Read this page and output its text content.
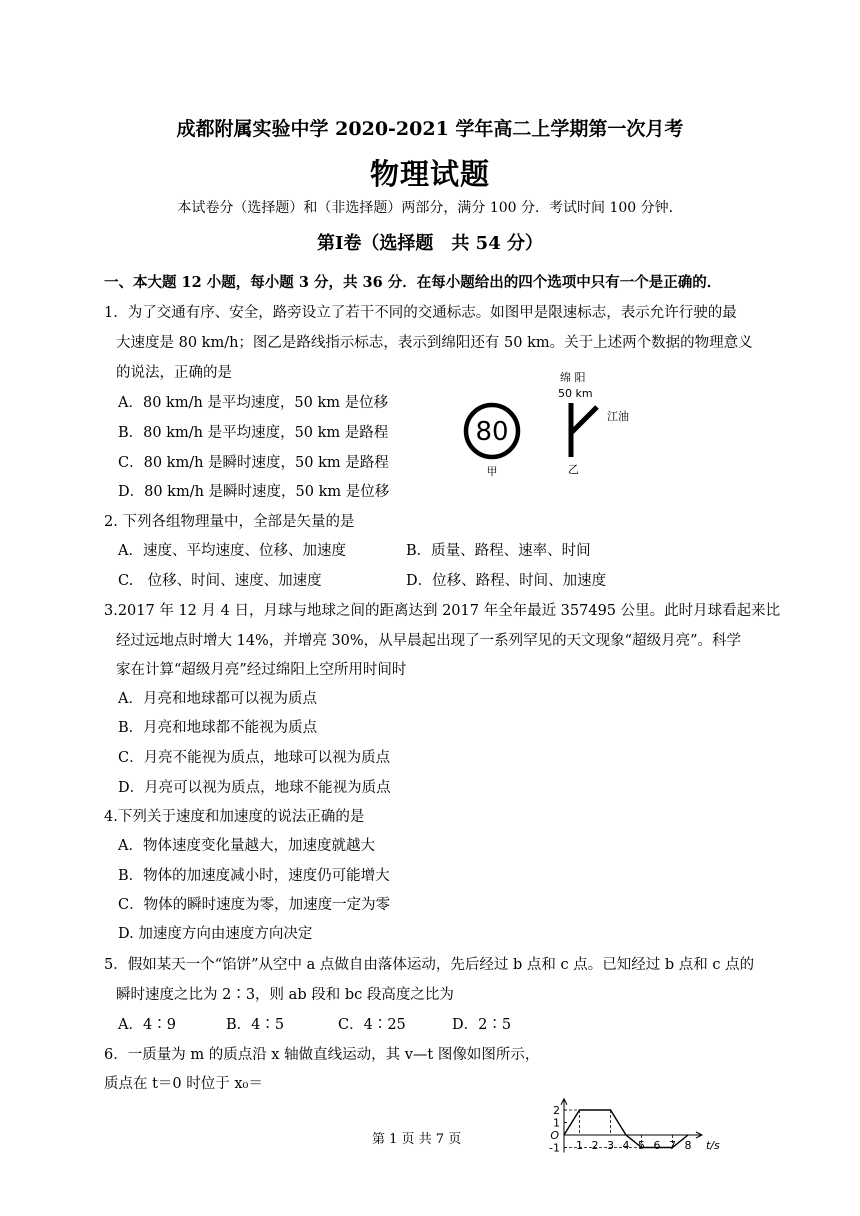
成都附属实验中学 2020-2021 学年高二上学期第一次月考
物理试题
本试卷分（选择题）和（非选择题）两部分，满分 100 分．考试时间 100 分钟．
第Ⅰ卷（选择题　共 54 分）
一、本大题 12 小题，每小题 3 分，共 36 分．在每小题给出的四个选项中只有一个是正确的．
1．为了交通有序、安全，路旁设立了若干不同的交通标志。如图甲是限速标志，表示允许行驶的最
大速度是 80 km/h；图乙是路线指示标志，表示到绵阳还有 50 km。关于上述两个数据的物理意义
的说法，正确的是
A．80 km/h 是平均速度，50 km 是位移
B．80 km/h 是平均速度，50 km 是路程
C．80 km/h 是瞬时速度，50 km 是路程
D．80 km/h 是瞬时速度，50 km 是位移
80
甲
绵 阳
50 km
江油
乙
2. 下列各组物理量中，全部是矢量的是
A．速度、平均速度、位移、加速度	B．质量、路程、速率、时间
C.　位移、时间、速度、加速度	D．位移、路程、时间、加速度
3.2017 年 12 月 4 日，月球与地球之间的距离达到 2017 年全年最近 357495 公里。此时月球看起来比
经过远地点时增大 14%，并增亮 30%，从早晨起出现了一系列罕见的天文现象“超级月亮”。科学
家在计算“超级月亮”经过绵阳上空所用时间时
A．月亮和地球都可以视为质点
B．月亮和地球都不能视为质点
C．月亮不能视为质点，地球可以视为质点
D．月亮可以视为质点，地球不能视为质点
4.下列关于速度和加速度的说法正确的是
A．物体速度变化量越大，加速度就越大
B．物体的加速度减小时，速度仍可能增大
C．物体的瞬时速度为零，加速度一定为零
D. 加速度方向由速度方向决定
5．假如某天一个“馅饼”从空中 a 点做自由落体运动，先后经过 b 点和 c 点。已知经过 b 点和 c 点的
瞬时速度之比为 2∶3，则 ab 段和 bc 段高度之比为
A．4∶9	B．4∶5	C．4∶25	D．2∶5
6．一质量为 m 的质点沿 x 轴做直线运动，其 v—t 图像如图所示，
质点在 t＝0 时位于 x₀＝
1 2 3 4 5 6 7 8
2
1
-1
O
t/s
第 1 页 共 7 页
